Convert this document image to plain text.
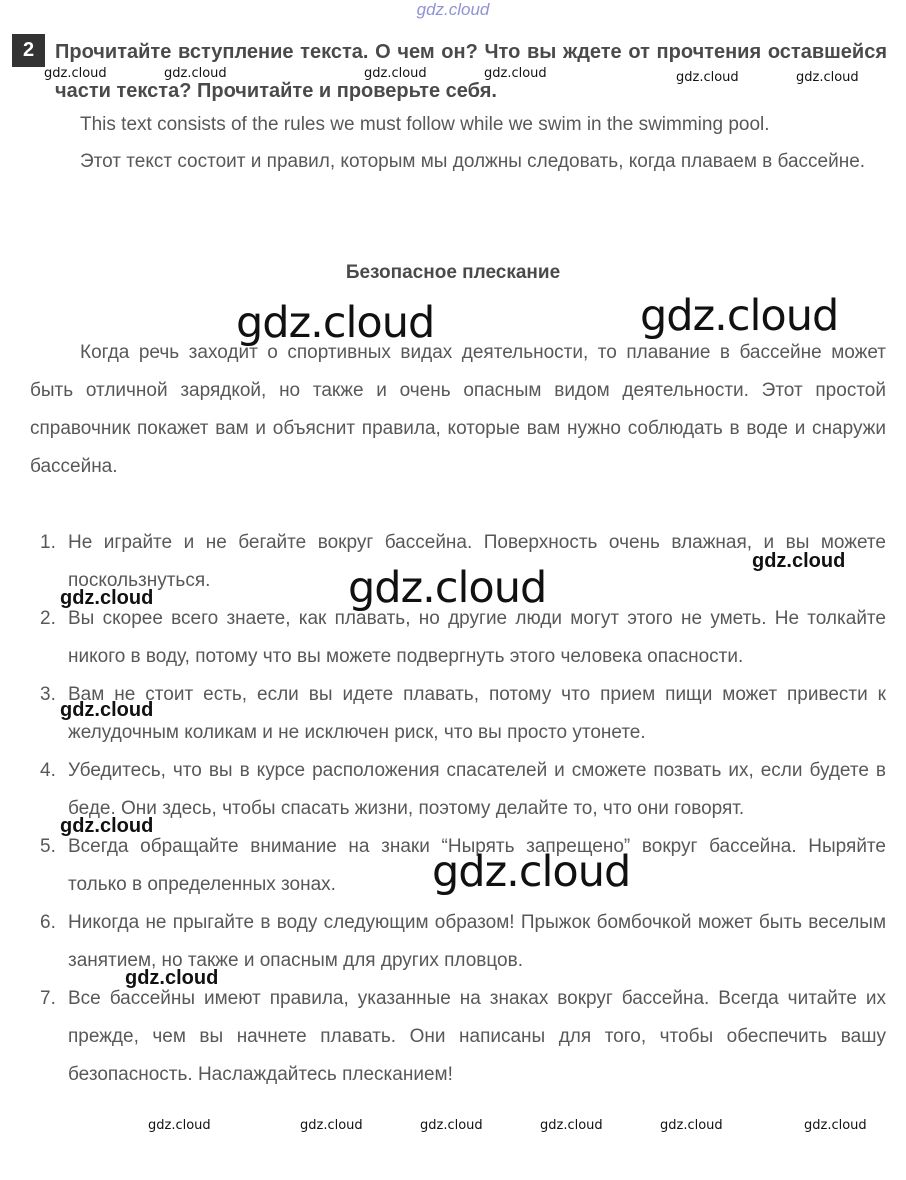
gdz.cloud
2	Прочитайте вступление текста. О чем он? Что вы ждете от прочтения оставшейся части текста? Прочитайте и проверьте себя.

This text consists of the rules we must follow while we swim in the swimming pool.

Этот текст состоит и правил, которым мы должны следовать, когда плаваем в бассейне.

Безопасное плескание

Когда речь заходит о спортивных видах деятельности, то плавание в бассейне может быть отличной зарядкой, но также и очень опасным видом деятельности. Этот простой справочник покажет вам и объяснит правила, которые вам нужно соблюдать в воде и снаружи бассейна.

1. Не играйте и не бегайте вокруг бассейна. Поверхность очень влажная, и вы можете поскользнуться.
2. Вы скорее всего знаете, как плавать, но другие люди могут этого не уметь. Не толкайте никого в воду, потому что вы можете подвергнуть этого человека опасности.
3. Вам не стоит есть, если вы идете плавать, потому что прием пищи может привести к желудочным коликам и не исключен риск, что вы просто утонете.
4. Убедитесь, что вы в курсе расположения спасателей и сможете позвать их, если будете в беде. Они здесь, чтобы спасать жизни, поэтому делайте то, что они говорят.
5. Всегда обращайте внимание на знаки “Нырять запрещено” вокруг бассейна. Ныряйте только в определенных зонах.
6. Никогда не прыгайте в воду следующим образом! Прыжок бомбочкой может быть веселым занятием, но также и опасным для других пловцов.
7. Все бассейны имеют правила, указанные на знаках вокруг бассейна. Всегда читайте их прежде, чем вы начнете плавать. Они написаны для того, чтобы обеспечить вашу безопасность. Наслаждайтесь плесканием!
gdz.cloud	gdz.cloud	gdz.cloud	gdz.cloud	gdz.cloud	gdz.cloud
gdz.cloud	gdz.cloud
gdz.cloud
gdz.cloud
gdz.cloud
gdz.cloud
gdz.cloud
gdz.cloud
gdz.cloud
gdz.cloud	gdz.cloud	gdz.cloud	gdz.cloud	gdz.cloud	gdz.cloud
